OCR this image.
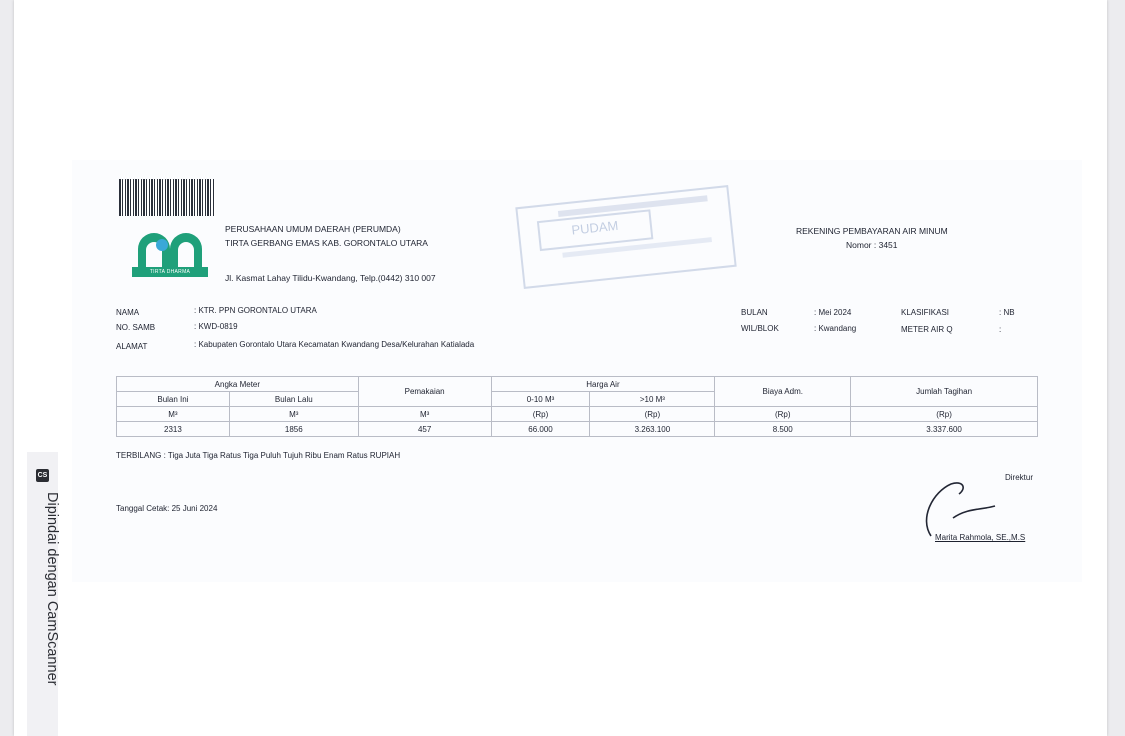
TIRTA DHARMA
PERUSAHAAN UMUM DAERAH (PERUMDA)
TIRTA GERBANG EMAS KAB. GORONTALO UTARA
Jl. Kasmat Lahay Tilidu-Kwandang, Telp.(0442) 310 007
PUDAM	REKENING PEMBAYARAN AIR MINUM
Nomor : 3451
NAMA	: KTR. PPN GORONTALO UTARA
NO. SAMB	: KWD-0819
ALAMAT	: Kabupaten Gorontalo Utara Kecamatan Kwandang Desa/Kelurahan Katialada
BULAN	: Mei 2024
WIL/BLOK	: Kwandang
KLASIFIKASI	: NB
METER AIR Q	:
Angka Meter		Pemakaian	Harga Air		Biaya Adm.	Jumlah Tagihan
Bulan Ini	Bulan Lalu		0-10 M³	>10 M³		
M³	M³	M³	(Rp)	(Rp)	(Rp)	(Rp)
2313	1856	457	66.000	3.263.100	8.500	3.337.600
TERBILANG : Tiga Juta Tiga Ratus Tiga Puluh Tujuh Ribu Enam Ratus RUPIAH
Tanggal Cetak: 25 Juni 2024
Direktur
Marita Rahmola, SE.,M.S
CS
Dipindai dengan CamScanner
